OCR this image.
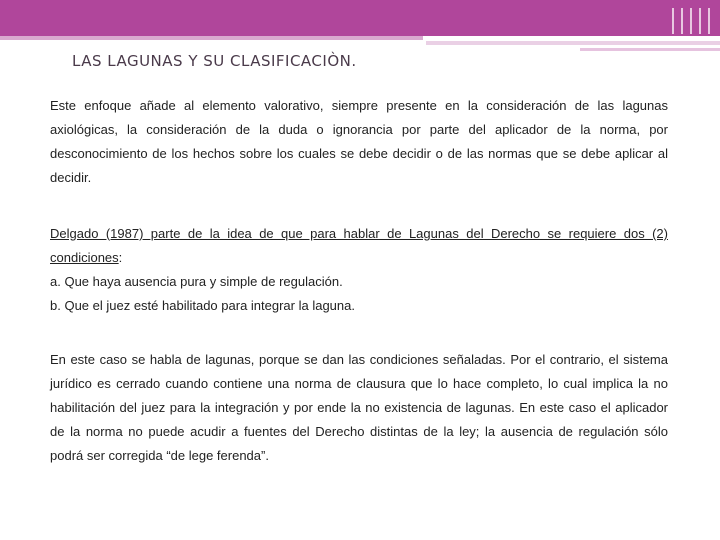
LAS LAGUNAS Y SU CLASIFICACIÒN.

Este enfoque añade al elemento valorativo, siempre presente en la consideración de las lagunas axiológicas, la consideración de la duda o ignorancia por parte del aplicador de la norma, por desconocimiento de los hechos sobre los cuales se debe decidir o de las normas que se debe aplicar al decidir.

Delgado (1987) parte de la idea de que para hablar de Lagunas del Derecho se requiere dos (2) condiciones:
a. Que haya ausencia pura y simple de regulación.
b. Que el juez esté habilitado para integrar la laguna.

En este caso se habla de lagunas, porque se dan las condiciones señaladas. Por el contrario, el sistema jurídico es cerrado cuando contiene una norma de clausura que lo hace completo, lo cual implica la no habilitación del juez para la integración y por ende la no existencia de lagunas. En este caso el aplicador de la norma no puede acudir a fuentes del Derecho distintas de la ley; la ausencia de regulación sólo podrá ser corregida “de lege ferenda”.
